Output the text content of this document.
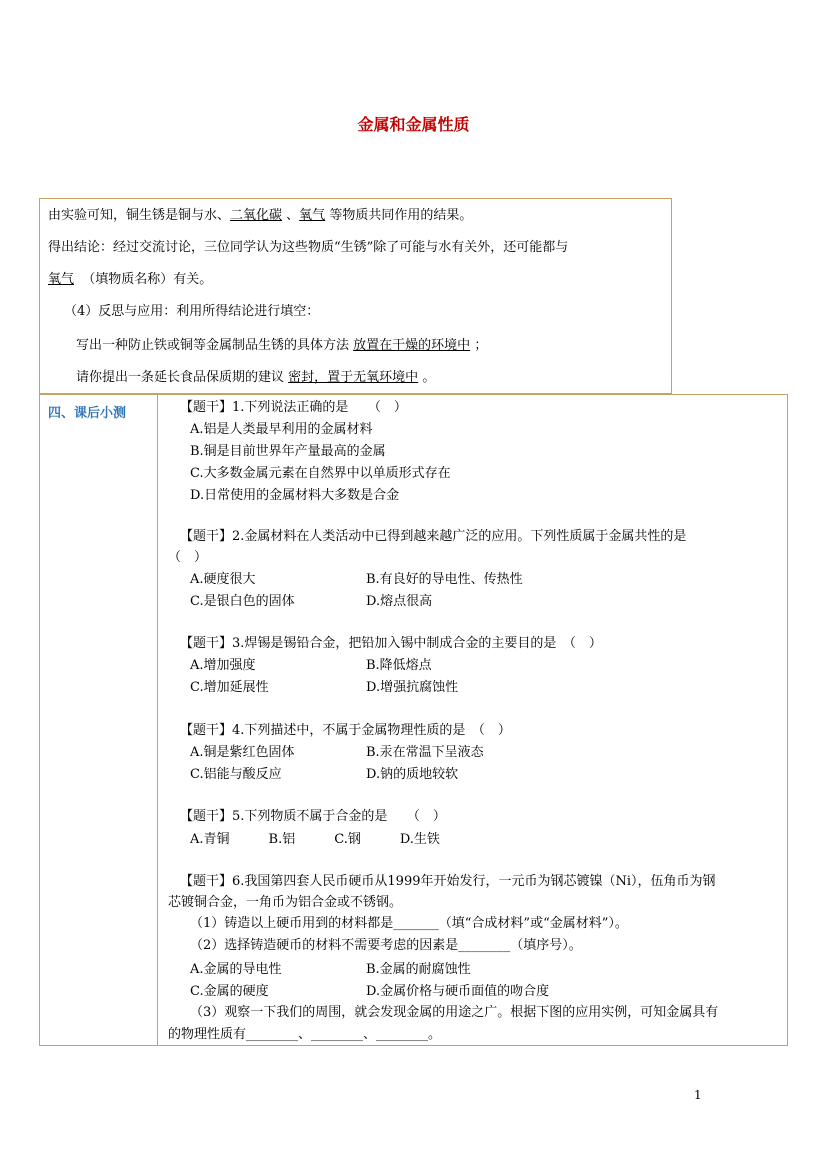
金属和金属性质
由实验可知，铜生锈是铜与水、二氧化碳 、氧气 等物质共同作用的结果。
得出结论：经过交流讨论，三位同学认为这些物质“生锈”除了可能与水有关外，还可能都与
氧气 （填物质名称）有关。
（4）反思与应用：利用所得结论进行填空：
写出一种防止铁或铜等金属制品生锈的具体方法 放置在干燥的环境中 ；
请你提出一条延长食品保质期的建议 密封，置于无氧环境中 。
四、课后小测	【题干】1.下列说法正确的是　　（　）
A.铝是人类最早利用的金属材料
B.铜是目前世界年产量最高的金属
C.大多数金属元素在自然界中以单质形式存在
D.日常使用的金属材料大多数是合金
【题干】2.金属材料在人类活动中已得到越来越广泛的应用。下列性质属于金属共性的是
（　）
A.硬度很大	B.有良好的导电性、传热性
C.是银白色的固体	D.熔点很高
【题干】3.焊锡是锡铅合金，把铅加入锡中制成合金的主要目的是　（　）
A.增加强度	B.降低熔点
C.增加延展性	D.增强抗腐蚀性
【题干】4.下列描述中，不属于金属物理性质的是　（　）
A.铜是紫红色固体	B.汞在常温下呈液态
C.铝能与酸反应	D.钠的质地较软
【题干】5.下列物质不属于合金的是　　（　）
A.青铜　　　B.铝　　　C.钢　　　D.生铁
【题干】6.我国第四套人民币硬币从1999年开始发行，一元币为钢芯镀镍（Ni），伍角币为钢
芯镀铜合金，一角币为铝合金或不锈钢。
（1）铸造以上硬币用到的材料都是_______（填“合成材料”或“金属材料”）。
（2）选择铸造硬币的材料不需要考虑的因素是________（填序号）。
A.金属的导电性	B.金属的耐腐蚀性
C.金属的硬度	D.金属价格与硬币面值的吻合度
（3）观察一下我们的周围，就会发现金属的用途之广。根据下图的应用实例，可知金属具有
的物理性质有________、________、________。
1
